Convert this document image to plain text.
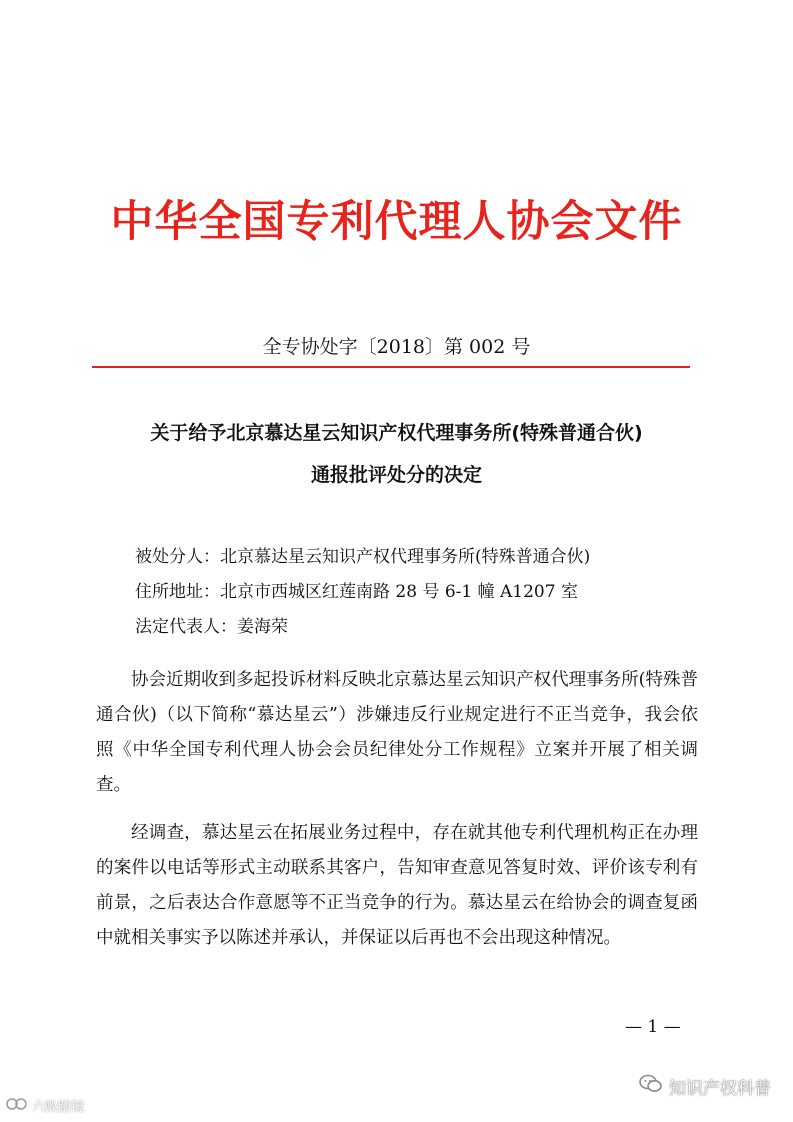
中华全国专利代理人协会文件
全专协处字〔2018〕第 002 号
关于给予北京慕达星云知识产权代理事务所(特殊普通合伙)
通报批评处分的决定
被处分人：北京慕达星云知识产权代理事务所(特殊普通合伙)
住所地址：北京市西城区红莲南路 28 号 6-1 幢 A1207 室
法定代表人：姜海荣

协会近期收到多起投诉材料反映北京慕达星云知识产权代理事务所(特殊普通合伙)（以下简称“慕达星云”）涉嫌违反行业规定进行不正当竞争，我会依照《中华全国专利代理人协会会员纪律处分工作规程》立案并开展了相关调查。

经调查，慕达星云在拓展业务过程中，存在就其他专利代理机构正在办理的案件以电话等形式主动联系其客户，告知审查意见答复时效、评价该专利有前景，之后表达合作意愿等不正当竞争的行为。慕达星云在给协会的调查复函中就相关事实予以陈述并承认，并保证以后再也不会出现这种情况。

— 1 —
知识产权科普
六败踏镜
